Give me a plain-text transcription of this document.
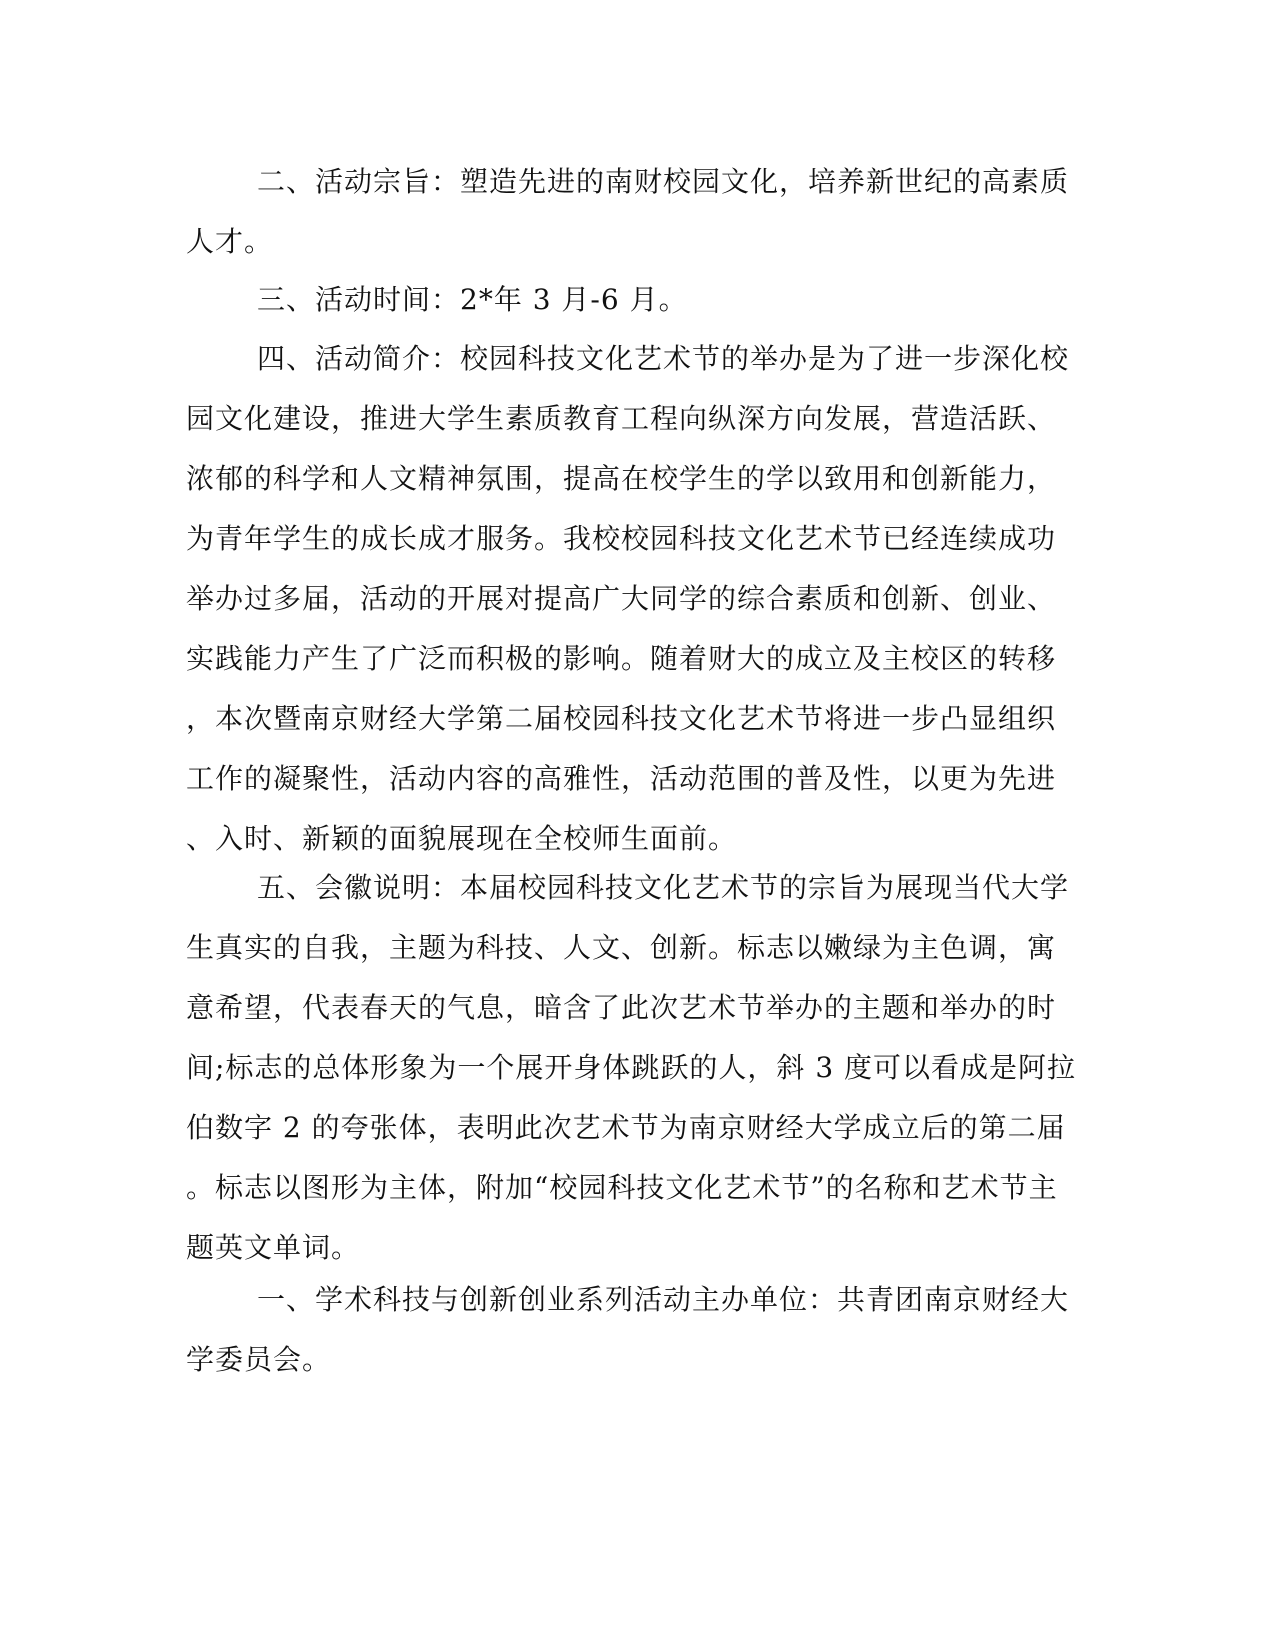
二、活动宗旨：塑造先进的南财校园文化，培养新世纪的高素质
人才。

三、活动时间：2*年 3 月-6 月。

四、活动简介：校园科技文化艺术节的举办是为了进一步深化校
园文化建设，推进大学生素质教育工程向纵深方向发展，营造活跃、
浓郁的科学和人文精神氛围，提高在校学生的学以致用和创新能力，
为青年学生的成长成才服务。我校校园科技文化艺术节已经连续成功
举办过多届，活动的开展对提高广大同学的综合素质和创新、创业、
实践能力产生了广泛而积极的影响。随着财大的成立及主校区的转移
，本次暨南京财经大学第二届校园科技文化艺术节将进一步凸显组织
工作的凝聚性，活动内容的高雅性，活动范围的普及性，以更为先进
、入时、新颖的面貌展现在全校师生面前。

五、会徽说明：本届校园科技文化艺术节的宗旨为展现当代大学
生真实的自我，主题为科技、人文、创新。标志以嫩绿为主色调，寓
意希望，代表春天的气息，暗含了此次艺术节举办的主题和举办的时
间;标志的总体形象为一个展开身体跳跃的人，斜 3 度可以看成是阿拉
伯数字 2 的夸张体，表明此次艺术节为南京财经大学成立后的第二届
。标志以图形为主体，附加“校园科技文化艺术节”的名称和艺术节主
题英文单词。

一、学术科技与创新创业系列活动主办单位：共青团南京财经大
学委员会。
